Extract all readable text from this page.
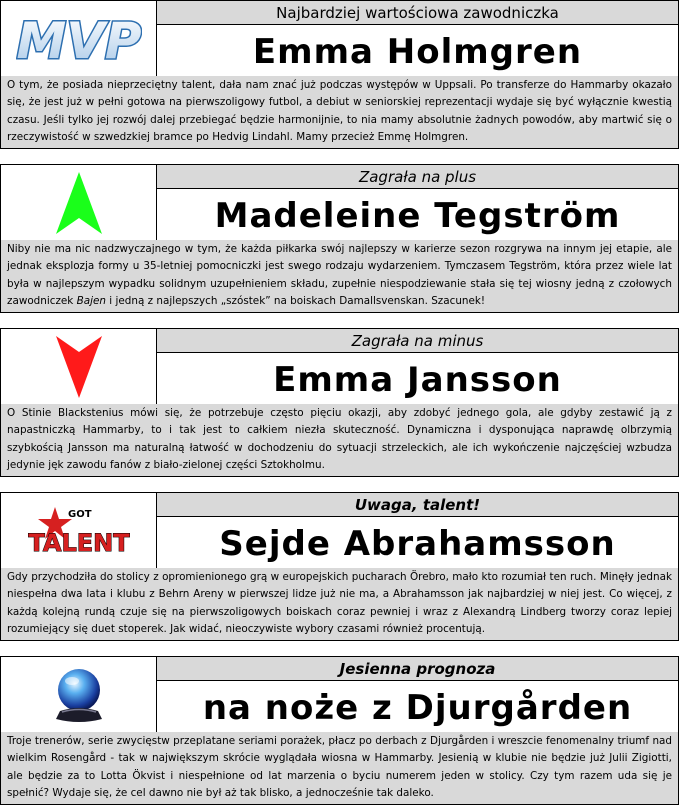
MVP	Najbardziej wartościowa zawodniczka
Emma Holmgren
O tym, że posiada nieprzeciętny talent, dała nam znać już podczas występów w Uppsali. Po transferze do Hammarby okazało się, że jest już w pełni gotowa na pierwszoligowy futbol, a debiut w seniorskiej reprezentacji wydaje się być wyłącznie kwestią czasu. Jeśli tylko jej rozwój dalej przebiegać będzie harmonijnie, to nia mamy absolutnie żadnych powodów, aby martwić się o rzeczywistość w szwedzkiej bramce po Hedvig Lindahl. Mamy przecież Emmę Holmgren.
Zagrała na plus
Madeleine Tegström
Niby nie ma nic nadzwyczajnego w tym, że każda piłkarka swój najlepszy w karierze sezon rozgrywa na innym jej etapie, ale jednak eksplozja formy u 35-letniej pomocniczki jest swego rodzaju wydarzeniem. Tymczasem Tegström, która przez wiele lat była w najlepszym wypadku solidnym uzupełnieniem składu, zupełnie niespodziewanie stała się tej wiosny jedną z czołowych zawodniczek Bajen i jedną z najlepszych „szóstek” na boiskach Damallsvenskan. Szacunek!
Zagrała na minus
Emma Jansson
O Stinie Blackstenius mówi się, że potrzebuje często pięciu okazji, aby zdobyć jednego gola, ale gdyby zestawić ją z napastniczką Hammarby, to i tak jest to całkiem niezła skuteczność. Dynamiczna i dysponująca naprawdę olbrzymią szybkością Jansson ma naturalną łatwość w dochodzeniu do sytuacji strzeleckich, ale ich wykończenie najczęściej wzbudza jedynie jęk zawodu fanów z biało-zielonej części Sztokholmu.
GOT
TALENT
Uwaga, talent!
Sejde Abrahamsson
Gdy przychodziła do stolicy z opromienionego grą w europejskich pucharach Örebro, mało kto rozumiał ten ruch. Minęły jednak niespełna dwa lata i klubu z Behrn Areny w pierwszej lidze już nie ma, a Abrahamsson jak najbardziej w niej jest. Co więcej, z każdą kolejną rundą czuje się na pierwszoligowych boiskach coraz pewniej i wraz z Alexandrą Lindberg tworzy coraz lepiej rozumiejący się duet stoperek. Jak widać, nieoczywiste wybory czasami również procentują.
Jesienna prognoza
na noże z Djurgården
Troje trenerów, serie zwycięstw przeplatane seriami porażek, płacz po derbach z Djurgården i wreszcie fenomenalny triumf nad wielkim Rosengård - tak w największym skrócie wyglądała wiosna w Hammarby. Jesienią w klubie nie będzie już Julii Zigiotti, ale będzie za to Lotta Ökvist i niespełnione od lat marzenia o byciu numerem jeden w stolicy. Czy tym razem uda się je spełnić? Wydaje się, że cel dawno nie był aż tak blisko, a jednocześnie tak daleko.
